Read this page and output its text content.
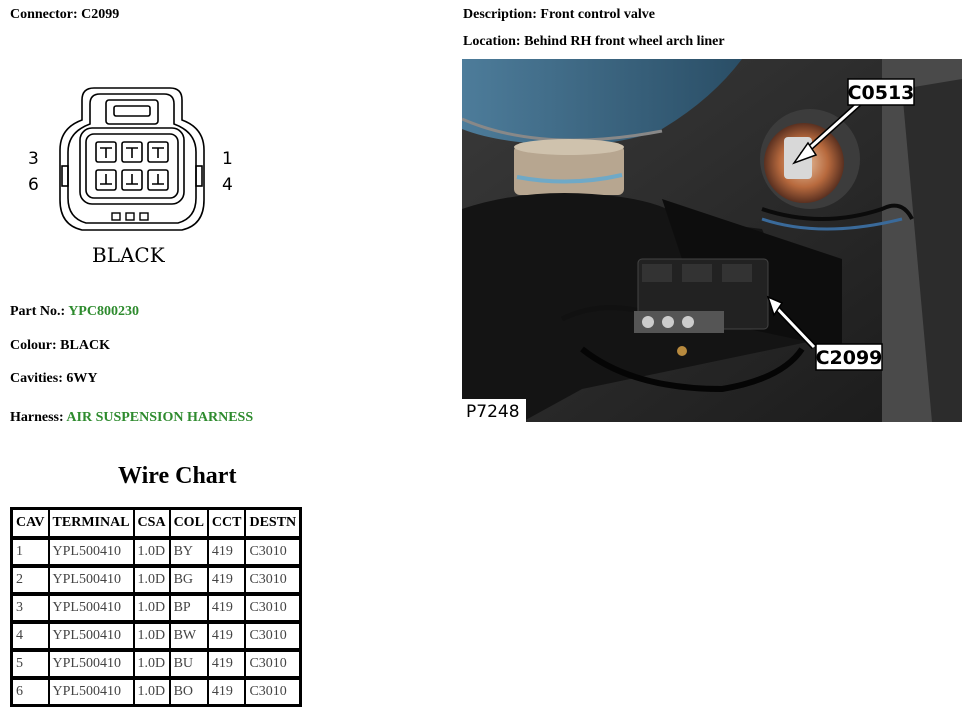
Connector: C2099	Description: Front control valve
Location: Behind RH front wheel arch liner
3
6
1
4
BLACK
C0513
C2099
P7248
Part No.: YPC800230
Colour: BLACK
Cavities: 6WY
Harness: AIR SUSPENSION HARNESS
Wire Chart
CAV	TERMINAL	CSA	COL	CCT	DESTN
1	YPL500410	1.0D	BY	419	C3010
2	YPL500410	1.0D	BG	419	C3010
3	YPL500410	1.0D	BP	419	C3010
4	YPL500410	1.0D	BW	419	C3010
5	YPL500410	1.0D	BU	419	C3010
6	YPL500410	1.0D	BO	419	C3010
